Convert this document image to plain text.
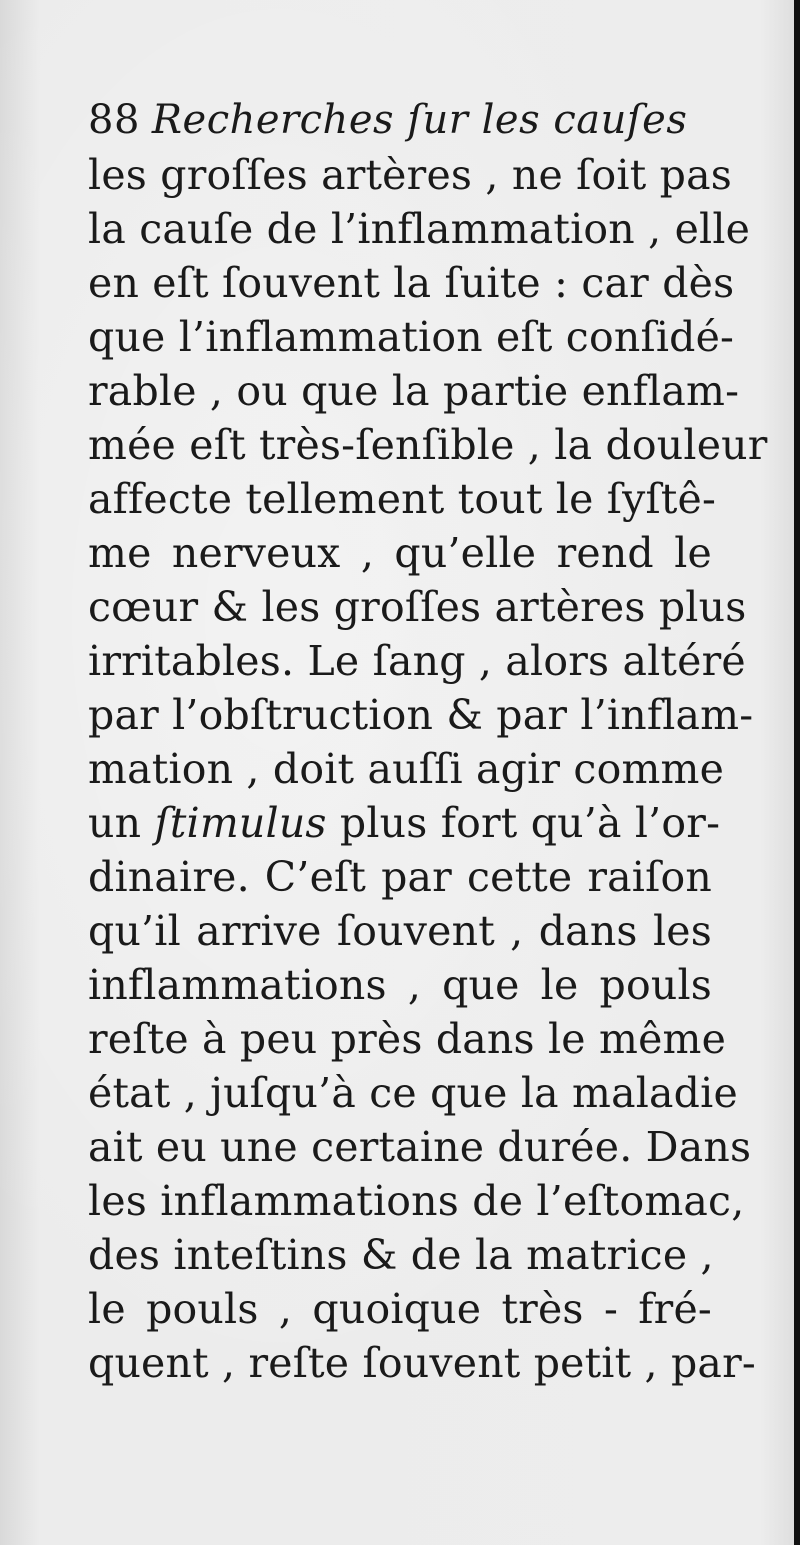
88 Recherches ſur les cauſes
les groſſes artères , ne ſoit pas
la cauſe de l’inflammation , elle
en eſt ſouvent la ſuite : car dès
que l’inflammation eſt conſidé-
rable , ou que la partie enflam-
mée eſt très-ſenſible , la douleur
affecte tellement tout le ſyſtê-
me nerveux , qu’elle rend le
cœur & les groſſes artères plus
irritables. Le ſang , alors altéré
par l’obſtruction & par l’inflam-
mation , doit auſſi agir comme
un ſtimulus plus fort qu’à l’or-
dinaire. C’eſt par cette raiſon
qu’il arrive ſouvent , dans les
inflammations , que le pouls
reſte à peu près dans le même
état , juſqu’à ce que la maladie
ait eu une certaine durée. Dans
les inflammations de l’eſtomac,
des inteſtins & de la matrice ,
le pouls , quoique très - fré-
quent , reſte ſouvent petit , par-
